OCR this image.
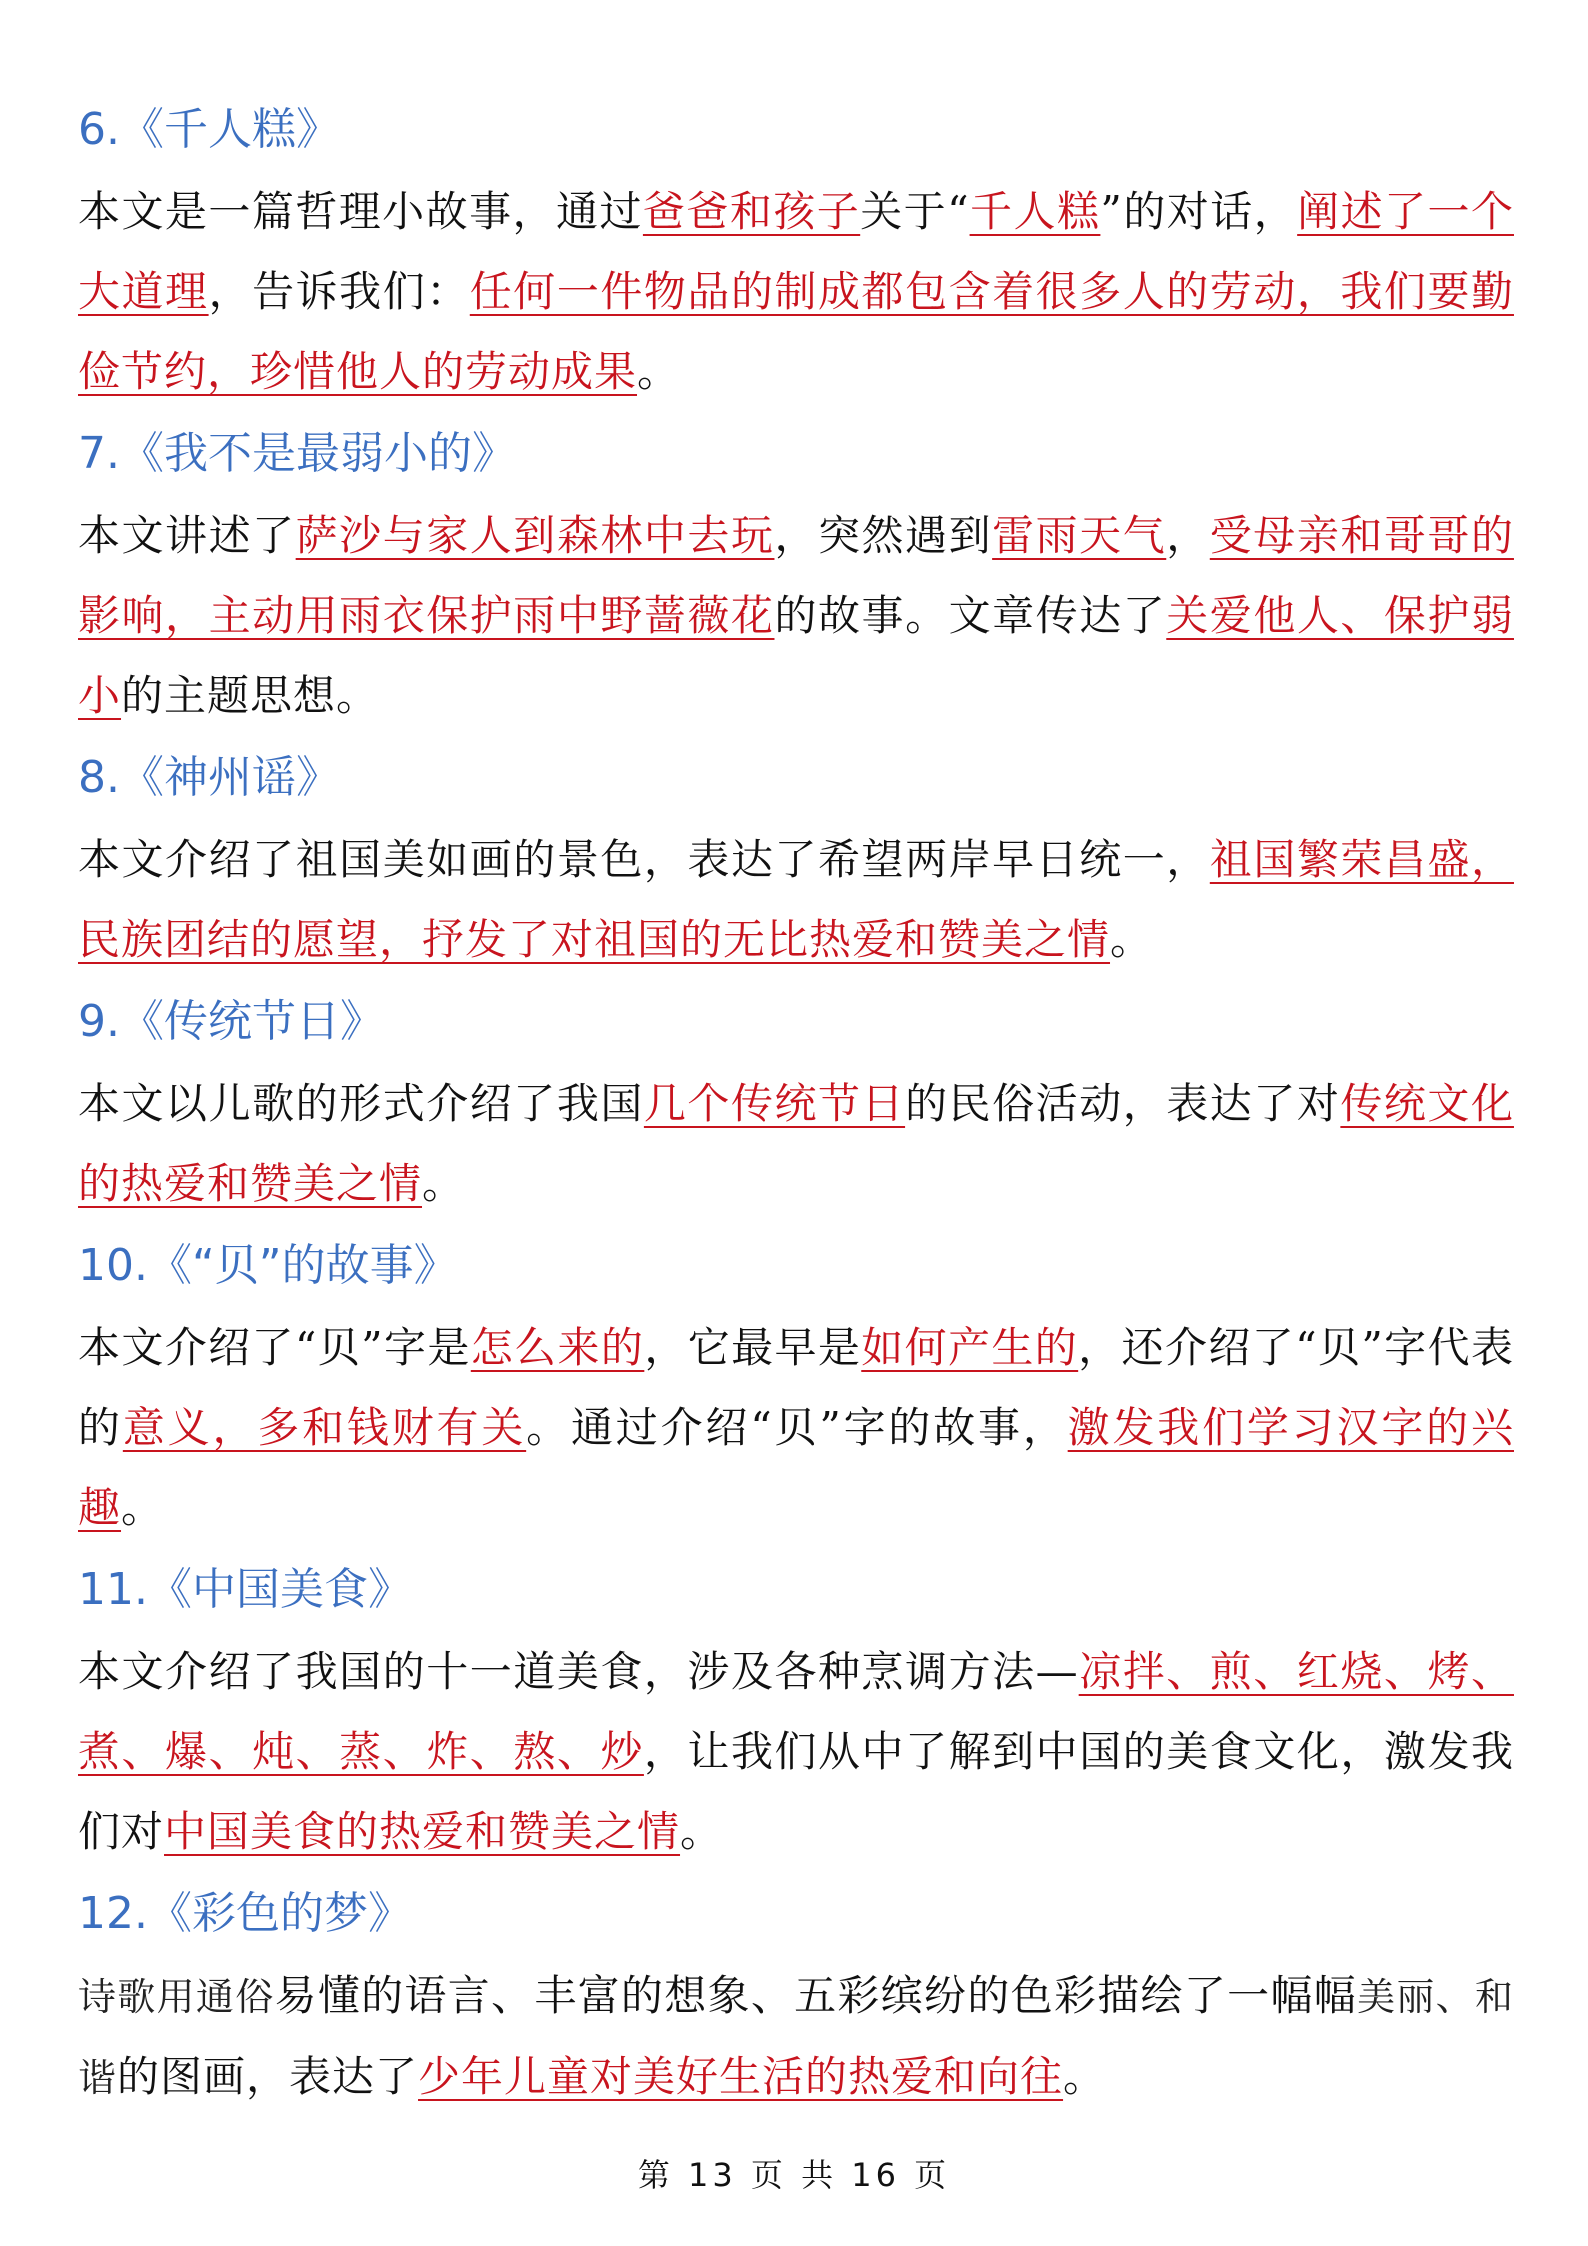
6.《千人糕》

本文是一篇哲理小故事，通过爸爸和孩子关于“千人糕”的对话，阐述了一个大道理，告诉我们：任何一件物品的制成都包含着很多人的劳动，我们要勤俭节约，珍惜他人的劳动成果。

7.《我不是最弱小的》

本文讲述了萨沙与家人到森林中去玩，突然遇到雷雨天气，受母亲和哥哥的影响，主动用雨衣保护雨中野蔷薇花的故事。文章传达了关爱他人、保护弱小的主题思想。

8.《神州谣》

本文介绍了祖国美如画的景色，表达了希望两岸早日统一，祖国繁荣昌盛，民族团结的愿望，抒发了对祖国的无比热爱和赞美之情。

9.《传统节日》

本文以儿歌的形式介绍了我国几个传统节日的民俗活动，表达了对传统文化的热爱和赞美之情。

10.《“贝”的故事》

本文介绍了“贝”字是怎么来的，它最早是如何产生的，还介绍了“贝”字代表的意义，多和钱财有关。通过介绍“贝”字的故事，激发我们学习汉字的兴趣。

11.《中国美食》

本文介绍了我国的十一道美食，涉及各种烹调方法—凉拌、煎、红烧、烤、煮、爆、炖、蒸、炸、熬、炒，让我们从中了解到中国的美食文化，激发我们对中国美食的热爱和赞美之情。

12.《彩色的梦》

诗歌用通俗易懂的语言、丰富的想象、五彩缤纷的色彩描绘了一幅幅美丽、和谐的图画，表达了少年儿童对美好生活的热爱和向往。

第 13 页 共 16 页
